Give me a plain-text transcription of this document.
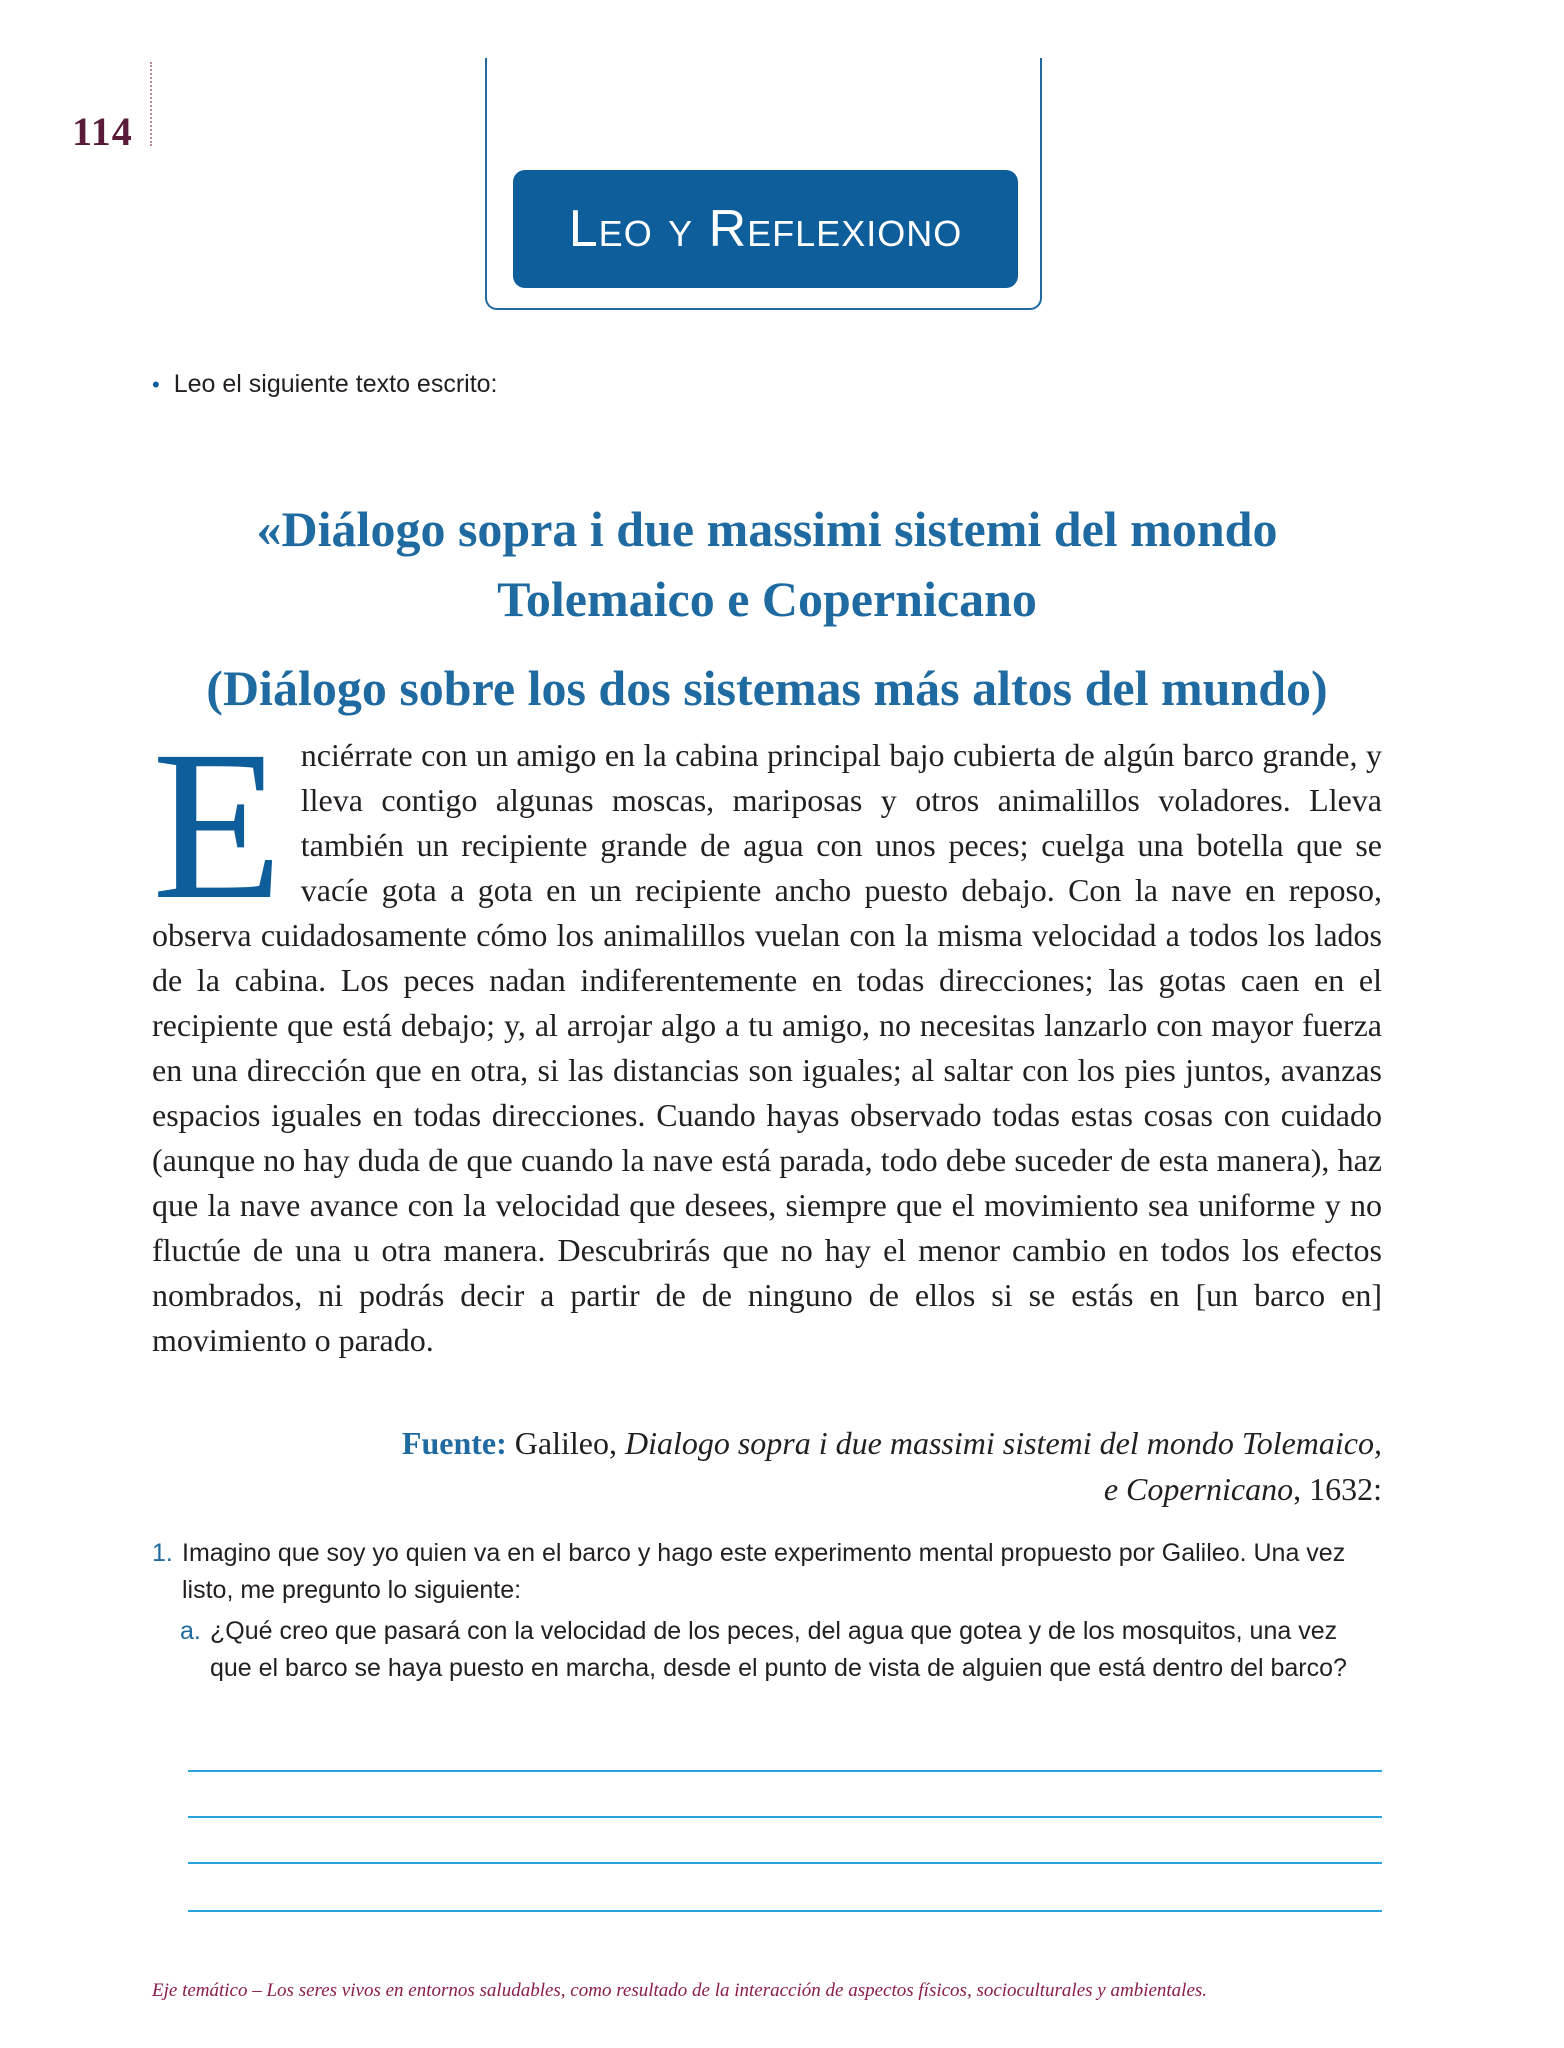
114
Leo y Reflexiono
• Leo el siguiente texto escrito:
«Diálogo sopra i due massimi sistemi del mondo
Tolemaico e Copernicano
(Diálogo sobre los dos sistemas más altos del mundo)
Enciérrate con un amigo en la cabina principal bajo cubierta de algún barco grande, y lleva contigo algunas moscas, mariposas y otros animalillos voladores. Lleva también un recipiente grande de agua con unos peces; cuelga una botella que se vacíe gota a gota en un recipiente ancho puesto debajo. Con la nave en reposo, observa cuidadosamente cómo los animalillos vuelan con la misma velocidad a todos los lados de la cabina. Los peces nadan indiferentemente en todas direcciones; las gotas caen en el recipiente que está debajo; y, al arrojar algo a tu amigo, no necesitas lanzarlo con mayor fuerza en una dirección que en otra, si las distancias son iguales; al saltar con los pies juntos, avanzas espacios iguales en todas direcciones. Cuando hayas observado todas estas cosas con cuidado (aunque no hay duda de que cuando la nave está parada, todo debe suceder de esta manera), haz que la nave avance con la velocidad que desees, siempre que el movimiento sea uniforme y no fluctúe de una u otra manera. Descubrirás que no hay el menor cambio en todos los efectos nombrados, ni podrás decir a partir de de ninguno de ellos si se estás en [un barco en] movimiento o parado.
Fuente: Galileo, Dialogo sopra i due massimi sistemi del mondo Tolemaico,
e Copernicano, 1632:
1. Imagino que soy yo quien va en el barco y hago este experimento mental propuesto por Galileo. Una vez listo, me pregunto lo siguiente:
a. ¿Qué creo que pasará con la velocidad de los peces, del agua que gotea y de los mosquitos, una vez que el barco se haya puesto en marcha, desde el punto de vista de alguien que está dentro del barco?
Eje temático – Los seres vivos en entornos saludables, como resultado de la interacción de aspectos físicos, socioculturales y ambientales.
